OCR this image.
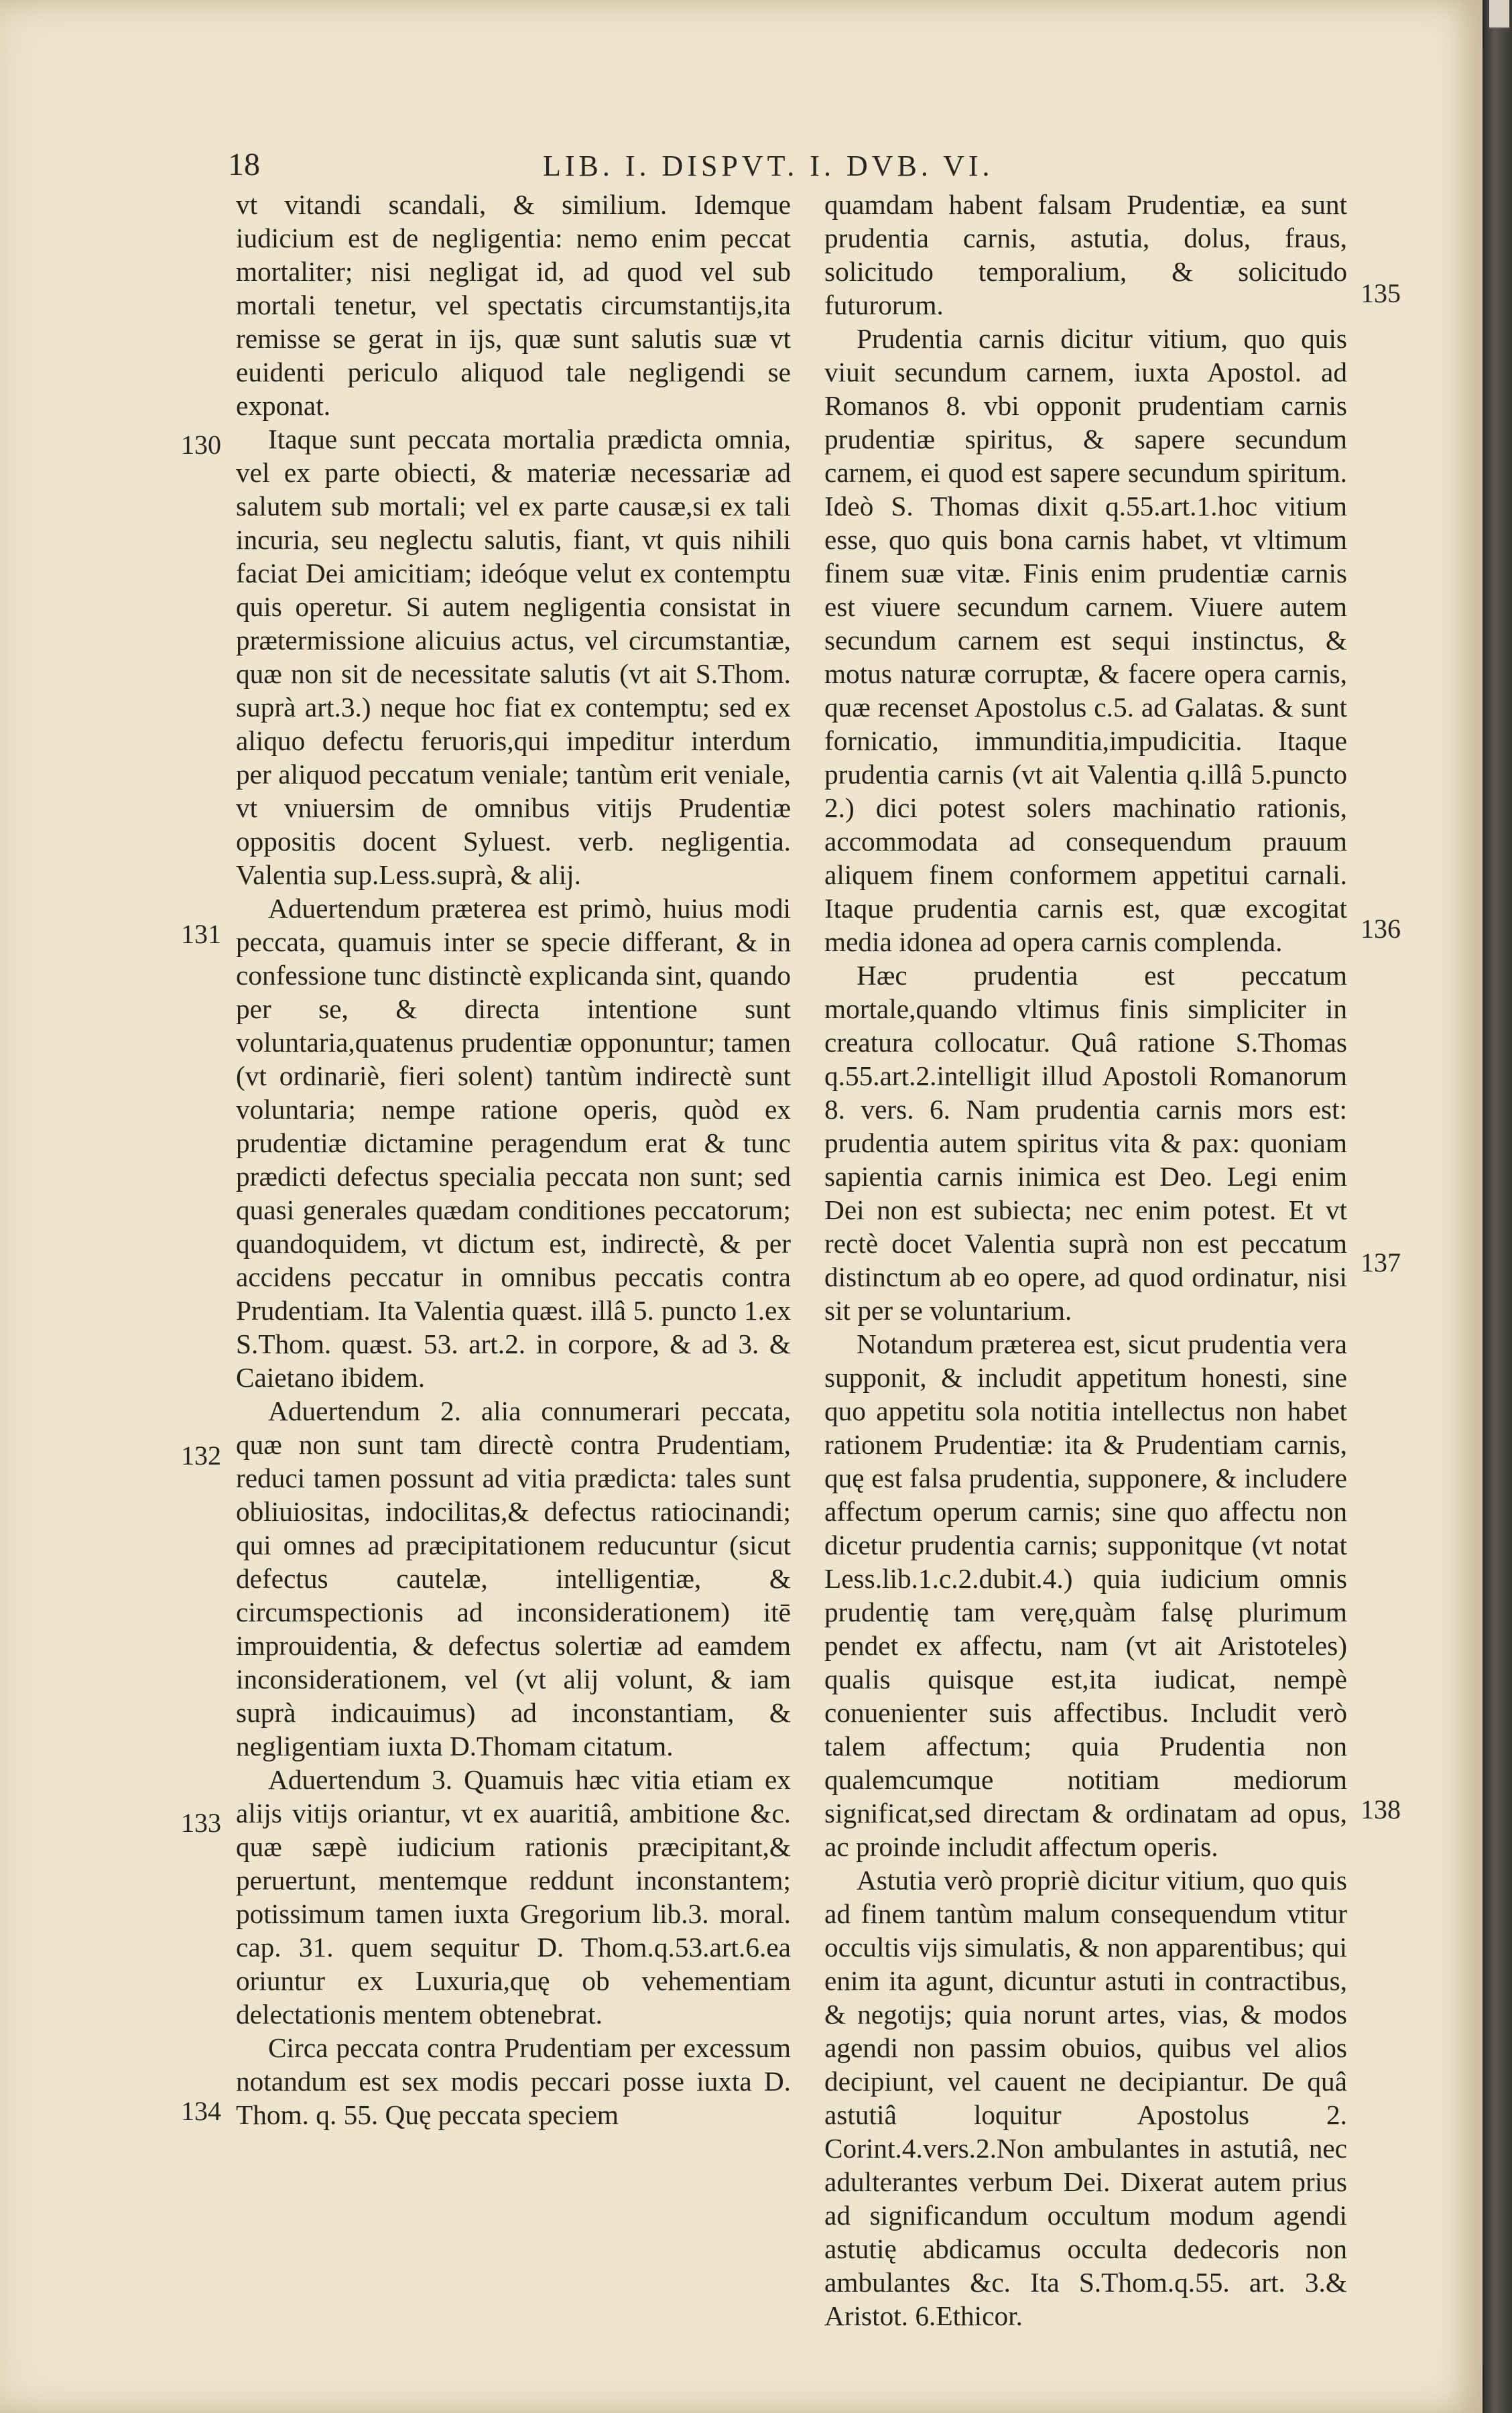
18	LIB. I. DISPVT. I. DVB. VI.
130
131
132
133
134
135
136
137
138

vt vitandi scandali, & similium. Idemque iudicium est de negligentia: nemo enim peccat mortaliter; nisi negligat id, ad quod vel sub mortali tenetur, vel spectatis circumstantijs,ita remisse se gerat in ijs, quæ sunt salutis suæ vt euidenti periculo aliquod tale negligendi se exponat.

Itaque sunt peccata mortalia prædicta omnia, vel ex parte obiecti, & materiæ necessariæ ad salutem sub mortali; vel ex parte causæ,si ex tali incuria, seu neglectu salutis, fiant, vt quis nihili faciat Dei amicitiam; ideóque velut ex contemptu quis operetur. Si autem negligentia consistat in prætermissione alicuius actus, vel circumstantiæ, quæ non sit de necessitate salutis (vt ait S.Thom. suprà art.3.) neque hoc fiat ex contemptu; sed ex aliquo defectu feruoris,qui impeditur interdum per aliquod peccatum veniale; tantùm erit veniale, vt vniuersim de omnibus vitijs Prudentiæ oppositis docent Syluest. verb. negligentia. Valentia sup.Less.suprà, & alij.

Aduertendum præterea est primò, huius modi peccata, quamuis inter se specie differant, & in confessione tunc distinctè explicanda sint, quando per se, & directa intentione sunt voluntaria,quatenus prudentiæ opponuntur; tamen (vt ordinariè, fieri solent) tantùm indirectè sunt voluntaria; nempe ratione operis, quòd ex prudentiæ dictamine peragendum erat & tunc prædicti defectus specialia peccata non sunt; sed quasi generales quædam conditiones peccatorum; quandoquidem, vt dictum est, indirectè, & per accidens peccatur in omnibus peccatis contra Prudentiam. Ita Valentia quæst. illâ 5. puncto 1.ex S.Thom. quæst. 53. art.2. in corpore, & ad 3. & Caietano ibidem.

Aduertendum 2. alia connumerari peccata, quæ non sunt tam directè contra Prudentiam, reduci tamen possunt ad vitia prædicta: tales sunt obliuiositas, indocilitas,& defectus ratiocinandi; qui omnes ad præcipitationem reducuntur (sicut defectus cautelæ, intelligentiæ, & circumspectionis ad inconsiderationem) itē improuidentia, & defectus solertiæ ad eamdem inconsiderationem, vel (vt alij volunt, & iam suprà indicauimus) ad inconstantiam, & negligentiam iuxta D.Thomam citatum.

Aduertendum 3. Quamuis hæc vitia etiam ex alijs vitijs oriantur, vt ex auaritiâ, ambitione &c. quæ sæpè iudicium rationis præcipitant,& peruertunt, mentemque reddunt inconstantem; potissimum tamen iuxta Gregorium lib.3. moral. cap. 31. quem sequitur D. Thom.q.53.art.6.ea oriuntur ex Luxuria,quę ob vehementiam delectationis mentem obtenebrat.

Circa peccata contra Prudentiam per excessum notandum est sex modis peccari posse iuxta D. Thom. q. 55. Quę peccata speciem

quamdam habent falsam Prudentiæ, ea sunt prudentia carnis, astutia, dolus, fraus, solicitudo temporalium, & solicitudo futurorum.

Prudentia carnis dicitur vitium, quo quis viuit secundum carnem, iuxta Apostol. ad Romanos 8. vbi opponit prudentiam carnis prudentiæ spiritus, & sapere secundum carnem, ei quod est sapere secundum spiritum. Ideò S. Thomas dixit q.55.art.1.hoc vitium esse, quo quis bona carnis habet, vt vltimum finem suæ vitæ. Finis enim prudentiæ carnis est viuere secundum carnem. Viuere autem secundum carnem est sequi instinctus, & motus naturæ corruptæ, & facere opera carnis, quæ recenset Apostolus c.5. ad Galatas. & sunt fornicatio, immunditia,impudicitia. Itaque prudentia carnis (vt ait Valentia q.illâ 5.puncto 2.) dici potest solers machinatio rationis, accommodata ad consequendum prauum aliquem finem conformem appetitui carnali. Itaque prudentia carnis est, quæ excogitat media idonea ad opera carnis complenda.

Hæc prudentia est peccatum mortale,quando vltimus finis simpliciter in creatura collocatur. Quâ ratione S.Thomas q.55.art.2.intelligit illud Apostoli Romanorum 8. vers. 6. Nam prudentia carnis mors est: prudentia autem spiritus vita & pax: quoniam sapientia carnis inimica est Deo. Legi enim Dei non est subiecta; nec enim potest. Et vt rectè docet Valentia suprà non est peccatum distinctum ab eo opere, ad quod ordinatur, nisi sit per se voluntarium.

Notandum præterea est, sicut prudentia vera supponit, & includit appetitum honesti, sine quo appetitu sola notitia intellectus non habet rationem Prudentiæ: ita & Prudentiam carnis, quę est falsa prudentia, supponere, & includere affectum operum carnis; sine quo affectu non dicetur prudentia carnis; supponitque (vt notat Less.lib.1.c.2.dubit.4.) quia iudicium omnis prudentię tam verę,quàm falsę plurimum pendet ex affectu, nam (vt ait Aristoteles) qualis quisque est,ita iudicat, nempè conuenienter suis affectibus. Includit verò talem affectum; quia Prudentia non qualemcumque notitiam mediorum significat,sed directam & ordinatam ad opus, ac proinde includit affectum operis.

Astutia verò propriè dicitur vitium, quo quis ad finem tantùm malum consequendum vtitur occultis vijs simulatis, & non apparentibus; qui enim ita agunt, dicuntur astuti in contractibus, & negotijs; quia norunt artes, vias, & modos agendi non passim obuios, quibus vel alios decipiunt, vel cauent ne decipiantur. De quâ astutiâ loquitur Apostolus 2. Corint.4.vers.2.Non ambulantes in astutiâ, nec adulterantes verbum Dei. Dixerat autem prius ad significandum occultum modum agendi astutię abdicamus occulta dedecoris non ambulantes &c. Ita S.Thom.q.55. art. 3.& Aristot. 6.Ethicor.
